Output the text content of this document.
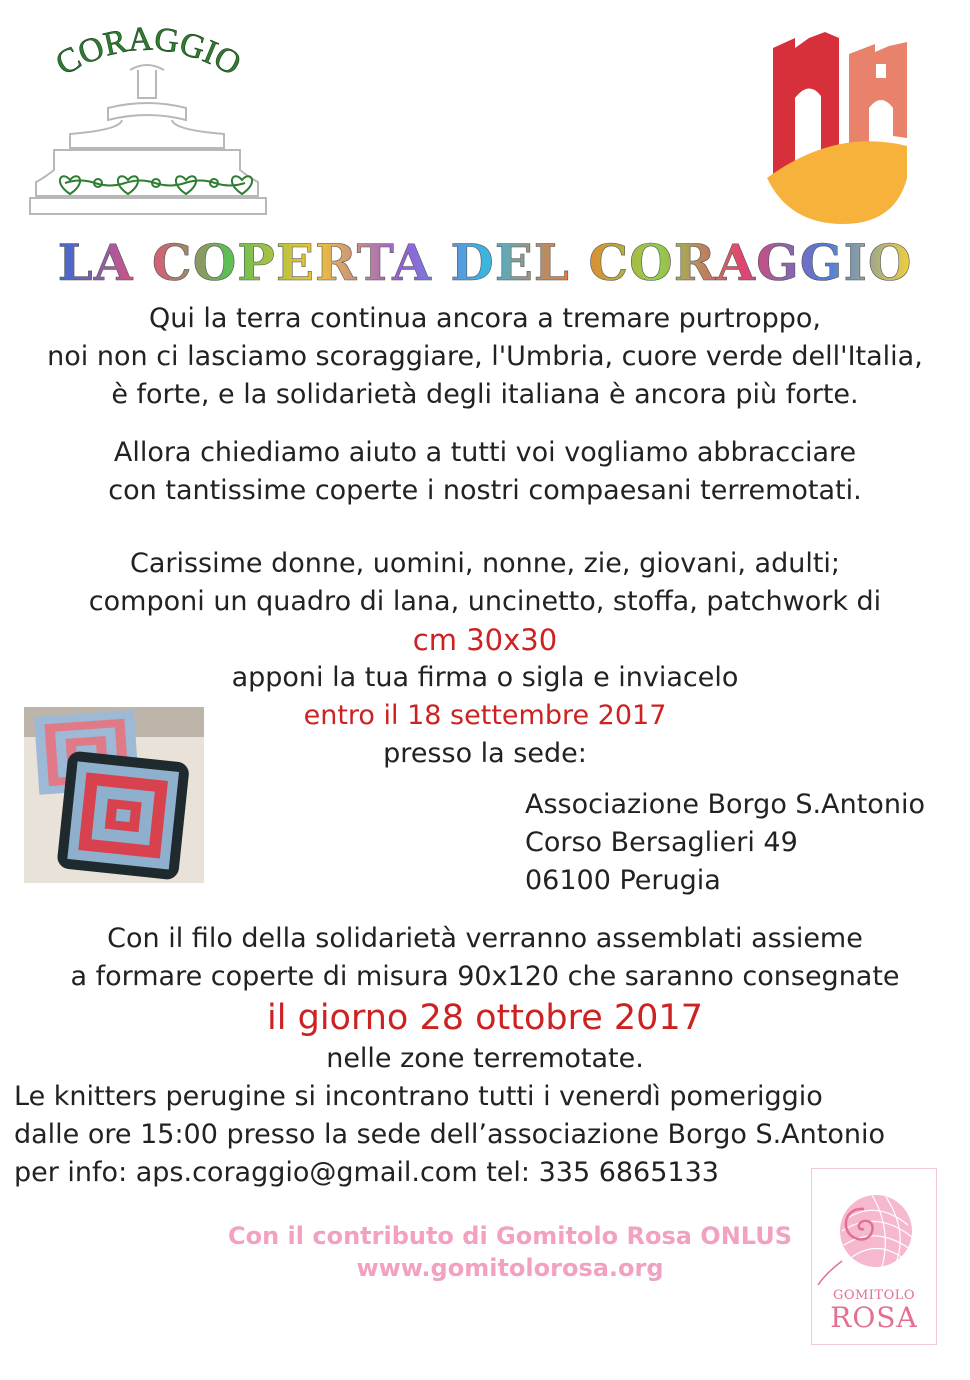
CORAGGIO
LA COPERTA DEL CORAGGIO
Qui la terra continua ancora a tremare purtroppo,
noi non ci lasciamo scoraggiare, l'Umbria, cuore verde dell'Italia,
è forte, e la solidarietà degli italiana è ancora più forte.
Allora chiediamo aiuto a tutti voi vogliamo abbracciare
con tantissime coperte i nostri compaesani terremotati.
Carissime donne, uomini, nonne, zie, giovani, adulti;
componi un quadro di lana, uncinetto, stoffa, patchwork di
cm 30x30
apponi la tua firma o sigla e inviacelo
entro il 18 settembre 2017
presso la sede:
Associazione Borgo S.Antonio
Corso Bersaglieri 49
06100 Perugia
Con il filo della solidarietà verranno assemblati assieme
a formare coperte di misura 90x120 che saranno consegnate
il giorno 28 ottobre 2017
nelle zone terremotate.
Le knitters perugine si incontrano tutti i venerdì pomeriggio
dalle ore 15:00 presso la sede dell’associazione Borgo S.Antonio
per info: aps.coraggio@gmail.com tel: 335 6865133
Con il contributo di Gomitolo Rosa ONLUS
www.gomitolorosa.org
GOMITOLO
ROSA
